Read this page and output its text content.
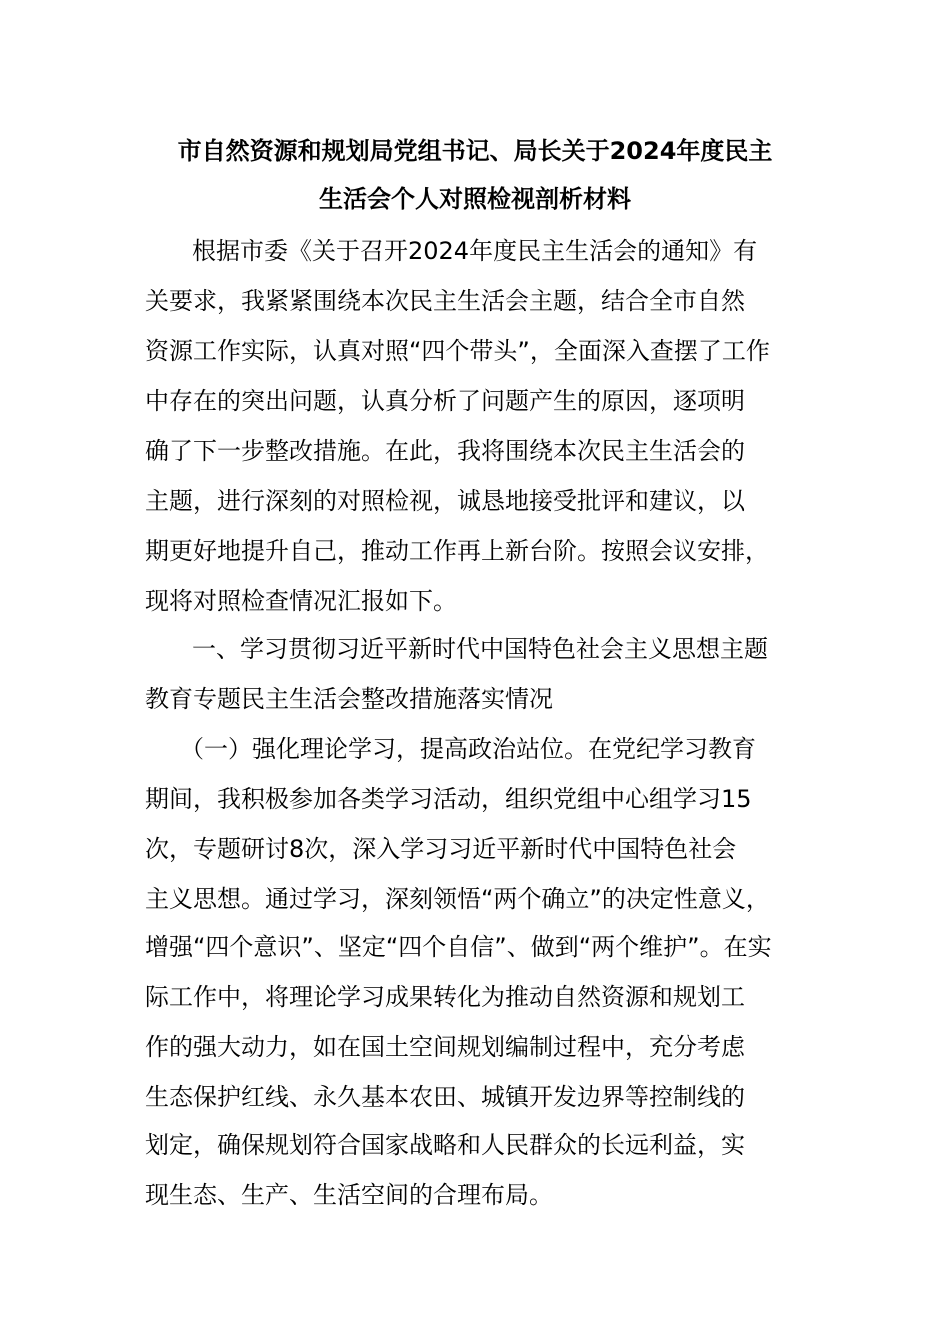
市自然资源和规划局党组书记、局长关于2024年度民主
生活会个人对照检视剖析材料
根据市委《关于召开2024年度民主生活会的通知》有
关要求，我紧紧围绕本次民主生活会主题，结合全市自然
资源工作实际，认真对照“四个带头”，全面深入查摆了工作
中存在的突出问题，认真分析了问题产生的原因，逐项明
确了下一步整改措施。在此，我将围绕本次民主生活会的
主题，进行深刻的对照检视，诚恳地接受批评和建议，以
期更好地提升自己，推动工作再上新台阶。按照会议安排，
现将对照检查情况汇报如下。
一、学习贯彻习近平新时代中国特色社会主义思想主题
教育专题民主生活会整改措施落实情况
（一）强化理论学习，提高政治站位。在党纪学习教育
期间，我积极参加各类学习活动，组织党组中心组学习15
次，专题研讨8次，深入学习习近平新时代中国特色社会
主义思想。通过学习，深刻领悟“两个确立”的决定性意义，
增强“四个意识”、坚定“四个自信”、做到“两个维护”。在实
际工作中，将理论学习成果转化为推动自然资源和规划工
作的强大动力，如在国土空间规划编制过程中，充分考虑
生态保护红线、永久基本农田、城镇开发边界等控制线的
划定，确保规划符合国家战略和人民群众的长远利益，实
现生态、生产、生活空间的合理布局。
